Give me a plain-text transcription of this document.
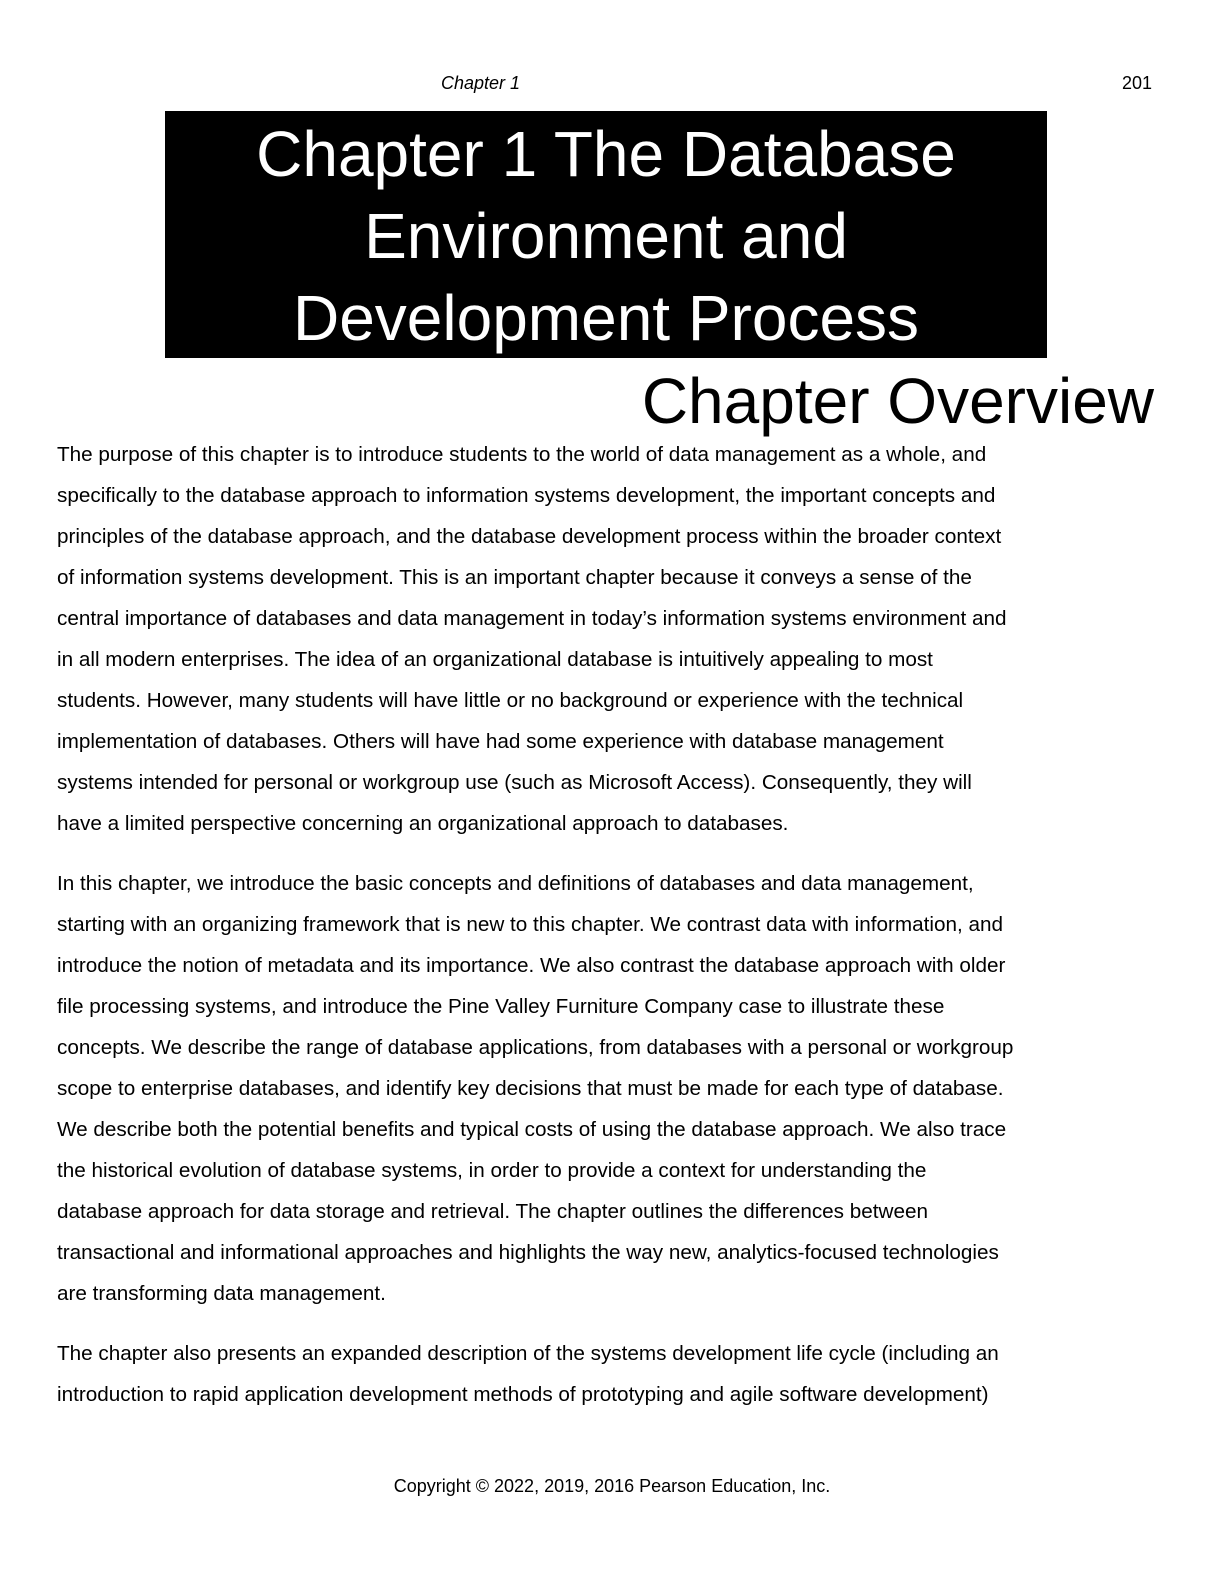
Chapter 1	201
Chapter 1 The Database
Environment and
Development Process
Chapter Overview

The purpose of this chapter is to introduce students to the world of data management as a whole, and
specifically to the database approach to information systems development, the important concepts and
principles of the database approach, and the database development process within the broader context
of information systems development. This is an important chapter because it conveys a sense of the
central importance of databases and data management in today’s information systems environment and
in all modern enterprises. The idea of an organizational database is intuitively appealing to most
students. However, many students will have little or no background or experience with the technical
implementation of databases. Others will have had some experience with database management
systems intended for personal or workgroup use (such as Microsoft Access). Consequently, they will
have a limited perspective concerning an organizational approach to databases.

In this chapter, we introduce the basic concepts and definitions of databases and data management,
starting with an organizing framework that is new to this chapter. We contrast data with information, and
introduce the notion of metadata and its importance. We also contrast the database approach with older
file processing systems, and introduce the Pine Valley Furniture Company case to illustrate these
concepts. We describe the range of database applications, from databases with a personal or workgroup
scope to enterprise databases, and identify key decisions that must be made for each type of database.
We describe both the potential benefits and typical costs of using the database approach. We also trace
the historical evolution of database systems, in order to provide a context for understanding the
database approach for data storage and retrieval. The chapter outlines the differences between
transactional and informational approaches and highlights the way new, analytics-focused technologies
are transforming data management.

The chapter also presents an expanded description of the systems development life cycle (including an
introduction to rapid application development methods of prototyping and agile software development)

Copyright © 2022, 2019, 2016 Pearson Education, Inc.
